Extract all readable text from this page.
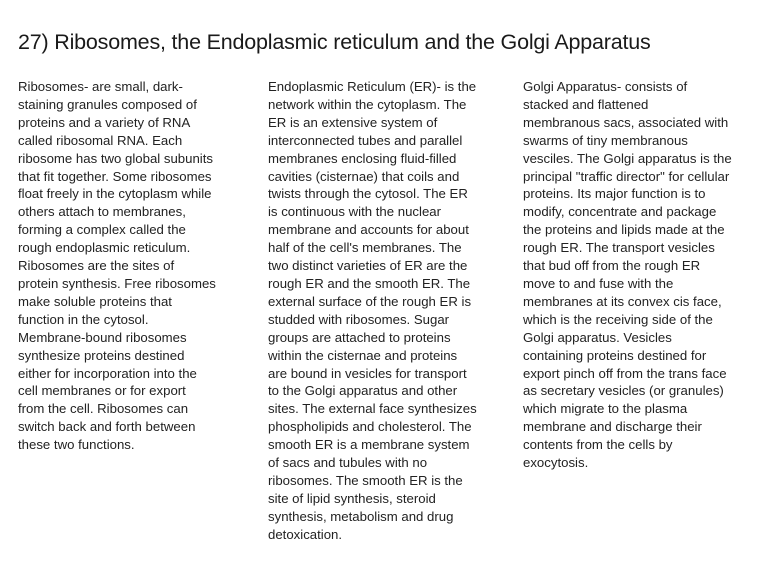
27) Ribosomes, the Endoplasmic reticulum and the Golgi Apparatus
Ribosomes- are small, dark-
staining granules composed of
proteins and a variety of RNA
called ribosomal RNA. Each
ribosome has two global subunits
that fit together. Some ribosomes
float freely in the cytoplasm while
others attach to membranes,
forming a complex called the
rough endoplasmic reticulum.
Ribosomes are the sites of
protein synthesis. Free ribosomes
make soluble proteins that
function in the cytosol.
Membrane-bound ribosomes
synthesize proteins destined
either for incorporation into the
cell membranes or for export
from the cell. Ribosomes can
switch back and forth between
these two functions.
Endoplasmic Reticulum (ER)- is the
network within the cytoplasm. The
ER is an extensive system of
interconnected tubes and parallel
membranes enclosing fluid-filled
cavities (cisternae) that coils and
twists through the cytosol. The ER
is continuous with the nuclear
membrane and accounts for about
half of the cell's membranes. The
two distinct varieties of ER are the
rough ER and the smooth ER. The
external surface of the rough ER is
studded with ribosomes. Sugar
groups are attached to proteins
within the cisternae and proteins
are bound in vesicles for transport
to the Golgi apparatus and other
sites. The external face synthesizes
phospholipids and cholesterol. The
smooth ER is a membrane system
of sacs and tubules with no
ribosomes. The smooth ER is the
site of lipid synthesis, steroid
synthesis, metabolism and drug
detoxication.
Golgi Apparatus- consists of
stacked and flattened
membranous sacs, associated with
swarms of tiny membranous
vesciles. The Golgi apparatus is the
principal "traffic director" for cellular
proteins. Its major function is to
modify, concentrate and package
the proteins and lipids made at the
rough ER. The transport vesicles
that bud off from the rough ER
move to and fuse with the
membranes at its convex cis face,
which is the receiving side of the
Golgi apparatus. Vesicles
containing proteins destined for
export pinch off from the trans face
as secretary vesicles (or granules)
which migrate to the plasma
membrane and discharge their
contents from the cells by
exocytosis.
